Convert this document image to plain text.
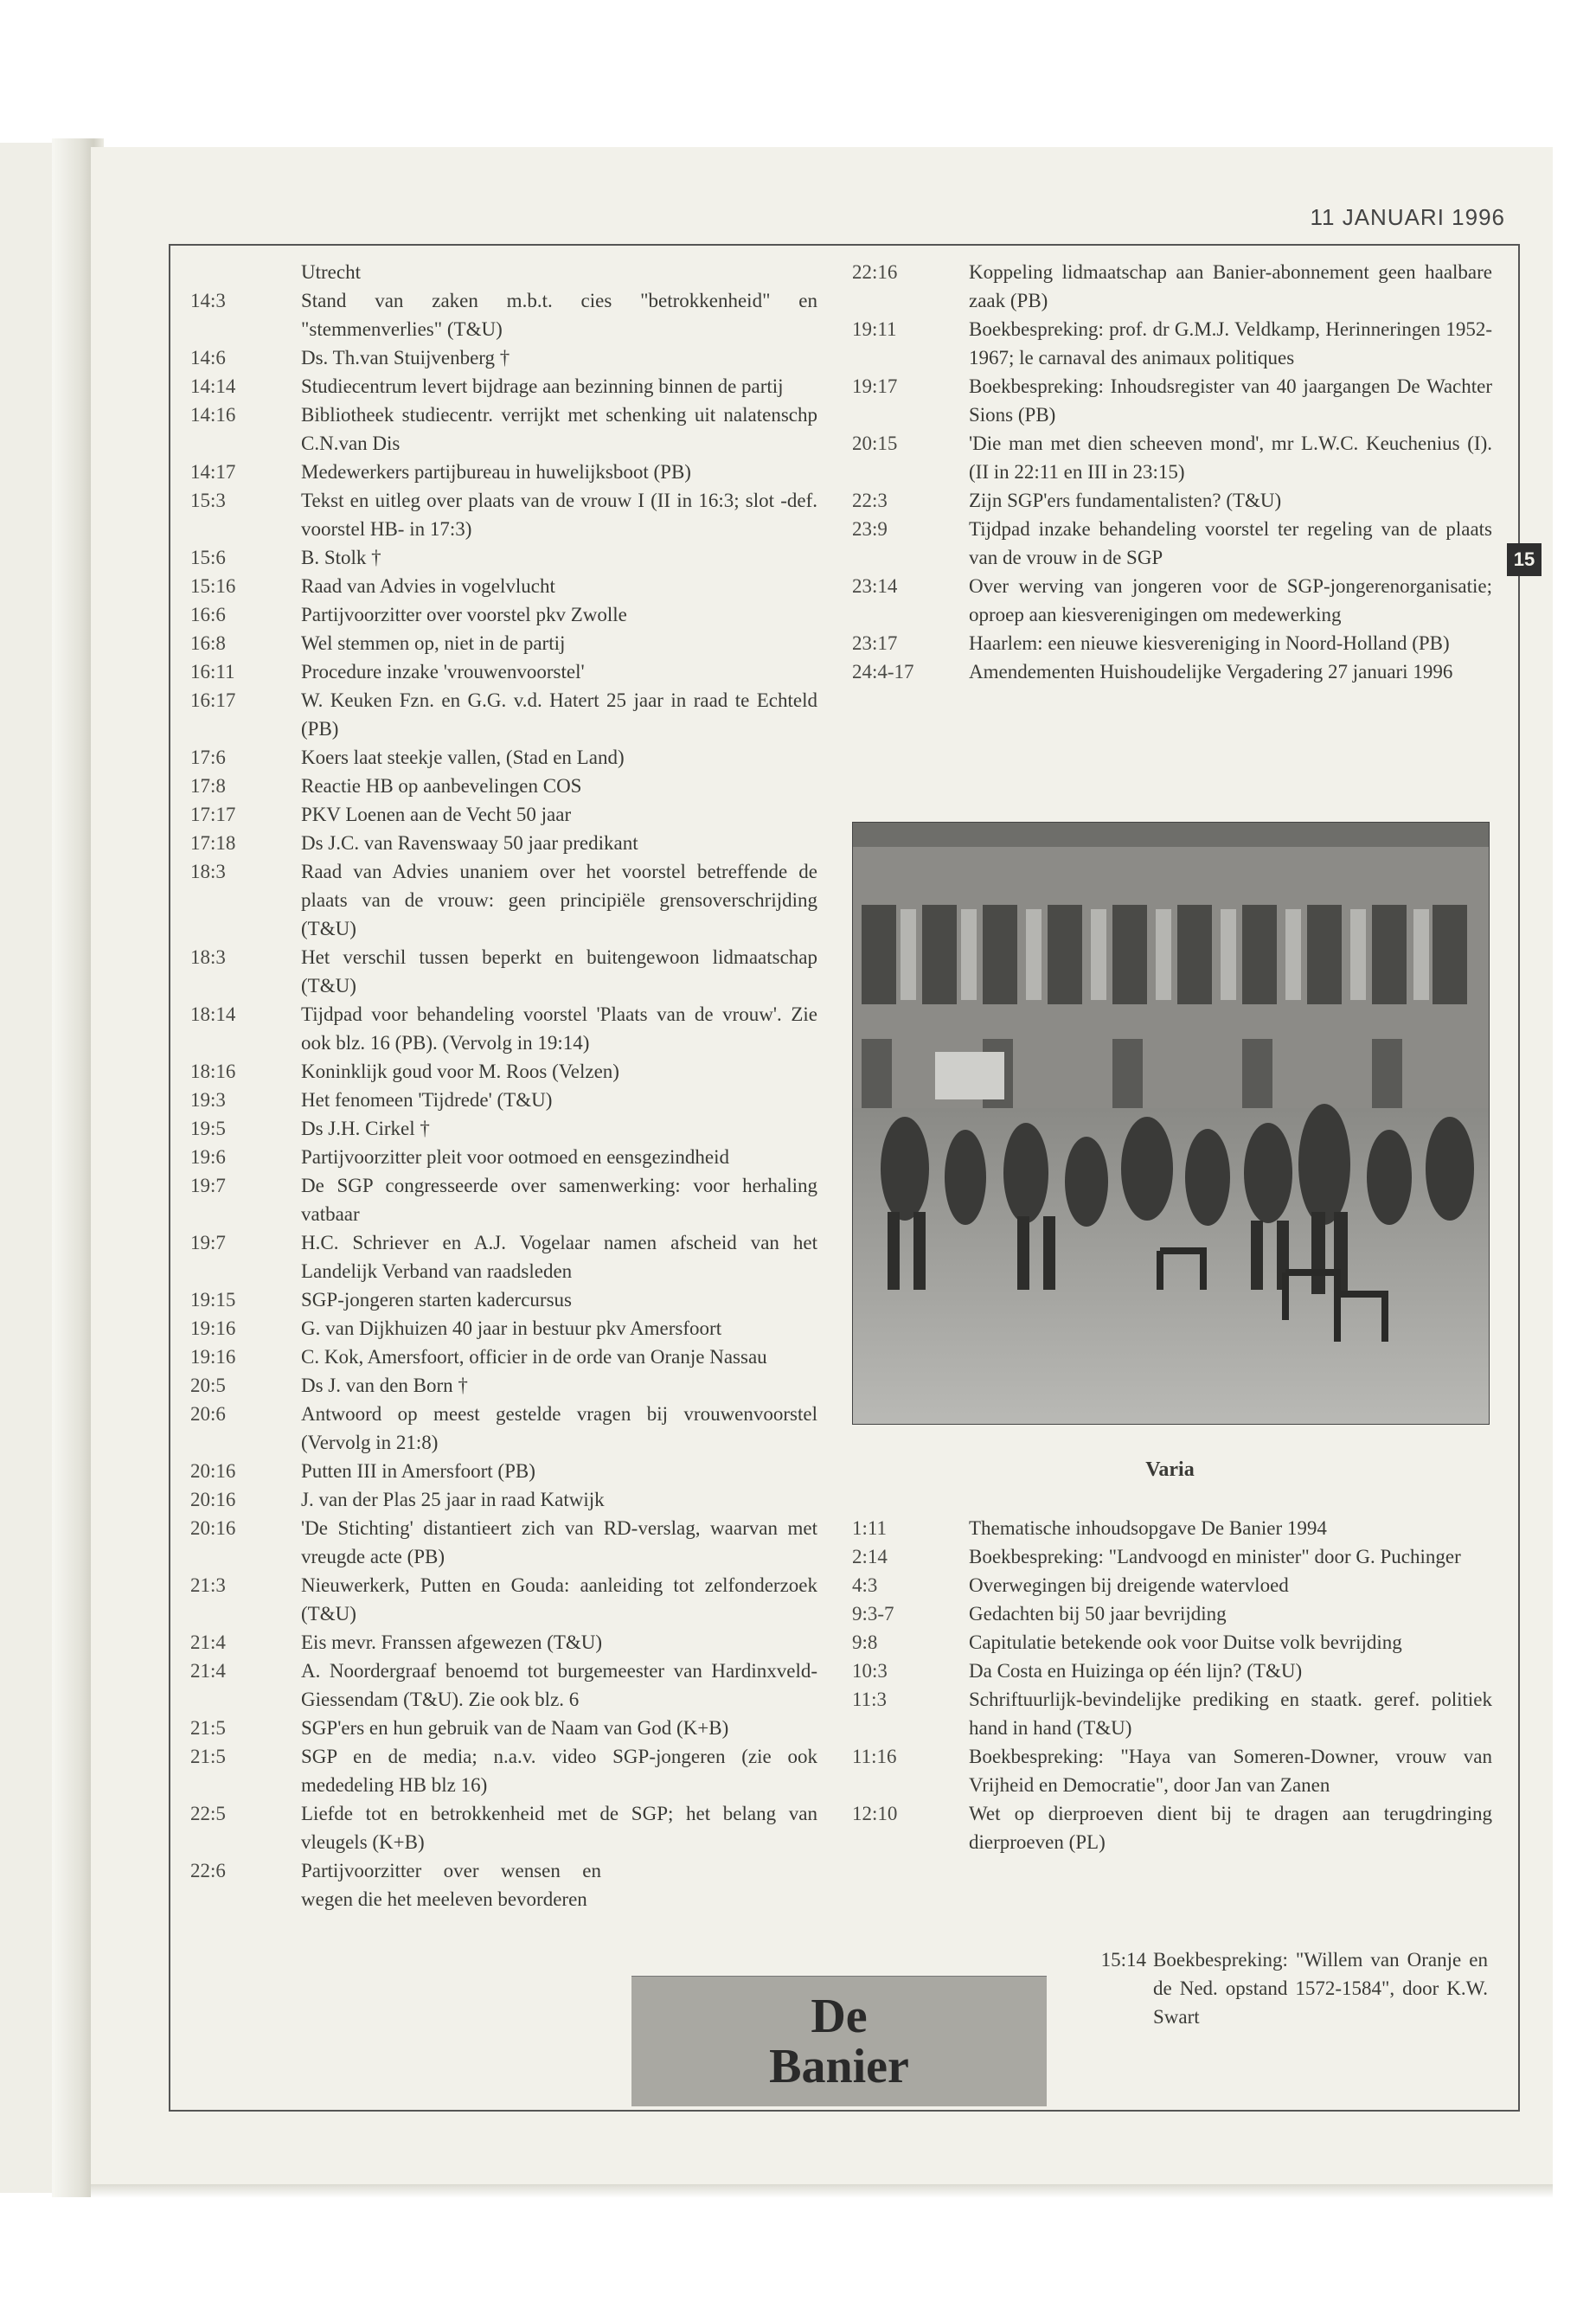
11 JANUARI 1996
15
Utrecht
14:3	Stand van zaken m.b.t. cies "betrokkenheid" en "stemmenverlies" (T&U)
14:6	Ds. Th.van Stuijvenberg †
14:14	Studiecentrum levert bijdrage aan bezinning binnen de partij
14:16	Bibliotheek studiecentr. verrijkt met schenking uit nalatenschp C.N.van Dis
14:17	Medewerkers partijbureau in huwelijksboot (PB)
15:3	Tekst en uitleg over plaats van de vrouw I (II in 16:3; slot -def. voorstel HB- in 17:3)
15:6	B. Stolk †
15:16	Raad van Advies in vogelvlucht
16:6	Partijvoorzitter over voorstel pkv Zwolle
16:8	Wel stemmen op, niet in de partij
16:11	Procedure inzake 'vrouwenvoorstel'
16:17	W. Keuken Fzn. en G.G. v.d. Hatert 25 jaar in raad te Echteld (PB)
17:6	Koers laat steekje vallen, (Stad en Land)
17:8	Reactie HB op aanbevelingen COS
17:17	PKV Loenen aan de Vecht 50 jaar
17:18	Ds J.C. van Ravenswaay 50 jaar predikant
18:3	Raad van Advies unaniem over het voorstel betreffende de plaats van de vrouw: geen principiële grensoverschrijding (T&U)
18:3	Het verschil tussen beperkt en buitengewoon lidmaatschap (T&U)
18:14	Tijdpad voor behandeling voorstel 'Plaats van de vrouw'. Zie ook blz. 16 (PB). (Vervolg in 19:14)
18:16	Koninklijk goud voor M. Roos (Velzen)
19:3	Het fenomeen 'Tijdrede' (T&U)
19:5	Ds J.H. Cirkel †
19:6	Partijvoorzitter pleit voor ootmoed en eensgezindheid
19:7	De SGP congresseerde over samenwerking: voor herhaling vatbaar
19:7	H.C. Schriever en A.J. Vogelaar namen afscheid van het Landelijk Verband van raadsleden
19:15	SGP-jongeren starten kadercursus
19:16	G. van Dijkhuizen 40 jaar in bestuur pkv Amersfoort
19:16	C. Kok, Amersfoort, officier in de orde van Oranje Nassau
20:5	Ds J. van den Born †
20:6	Antwoord op meest gestelde vragen bij vrouwenvoorstel (Vervolg in 21:8)
20:16	Putten III in Amersfoort (PB)
20:16	J. van der Plas 25 jaar in raad Katwijk
20:16	'De Stichting' distantieert zich van RD-verslag, waarvan met vreugde acte (PB)
21:3	Nieuwerkerk, Putten en Gouda: aanleiding tot zelfonderzoek (T&U)
21:4	Eis mevr. Franssen afgewezen (T&U)
21:4	A. Noordergraaf benoemd tot burgemeester van Hardinxveld-Giessendam (T&U). Zie ook blz. 6
21:5	SGP'ers en hun gebruik van de Naam van God (K+B)
21:5	SGP en de media; n.a.v. video SGP-jongeren (zie ook mededeling HB blz 16)
22:5	Liefde tot en betrokkenheid met de SGP; het belang van vleugels (K+B)
22:6	Partijvoorzitter over wensen en wegen die het meeleven bevorderen
22:16	Koppeling lidmaatschap aan Banier-abonnement geen haalbare zaak (PB)
19:11	Boekbespreking: prof. dr G.M.J. Veldkamp, Herinneringen 1952-1967; le carnaval des animaux politiques
19:17	Boekbespreking: Inhoudsregister van 40 jaargangen De Wachter Sions (PB)
20:15	'Die man met dien scheeven mond', mr L.W.C. Keuchenius (I). (II in 22:11 en III in 23:15)
22:3	Zijn SGP'ers fundamentalisten? (T&U)
23:9	Tijdpad inzake behandeling voorstel ter regeling van de plaats van de vrouw in de SGP
23:14	Over werving van jongeren voor de SGP-jongerenorganisatie; oproep aan kiesverenigingen om medewerking
23:17	Haarlem: een nieuwe kiesvereniging in Noord-Holland (PB)
24:4-17	Amendementen Huishoudelijke Vergadering 27 januari 1996
Varia
1:11	Thematische inhoudsopgave De Banier 1994
2:14	Boekbespreking: "Landvoogd en minister" door G. Puchinger
4:3	Overwegingen bij dreigende watervloed
9:3-7	Gedachten bij 50 jaar bevrijding
9:8	Capitulatie betekende ook voor Duitse volk bevrijding
10:3	Da Costa en Huizinga op één lijn? (T&U)
11:3	Schriftuurlijk-bevindelijke prediking en staatk. geref. politiek hand in hand (T&U)
11:16	Boekbespreking: "Haya van Someren-Downer, vrouw van Vrijheid en Democratie", door Jan van Zanen
12:10	Wet op dierproeven dient bij te dragen aan terugdringing dierproeven (PL)
15:14 Boekbespreking: "Willem van Oranje en de Ned. opstand 1572-1584", door K.W. Swart
De
Banier
